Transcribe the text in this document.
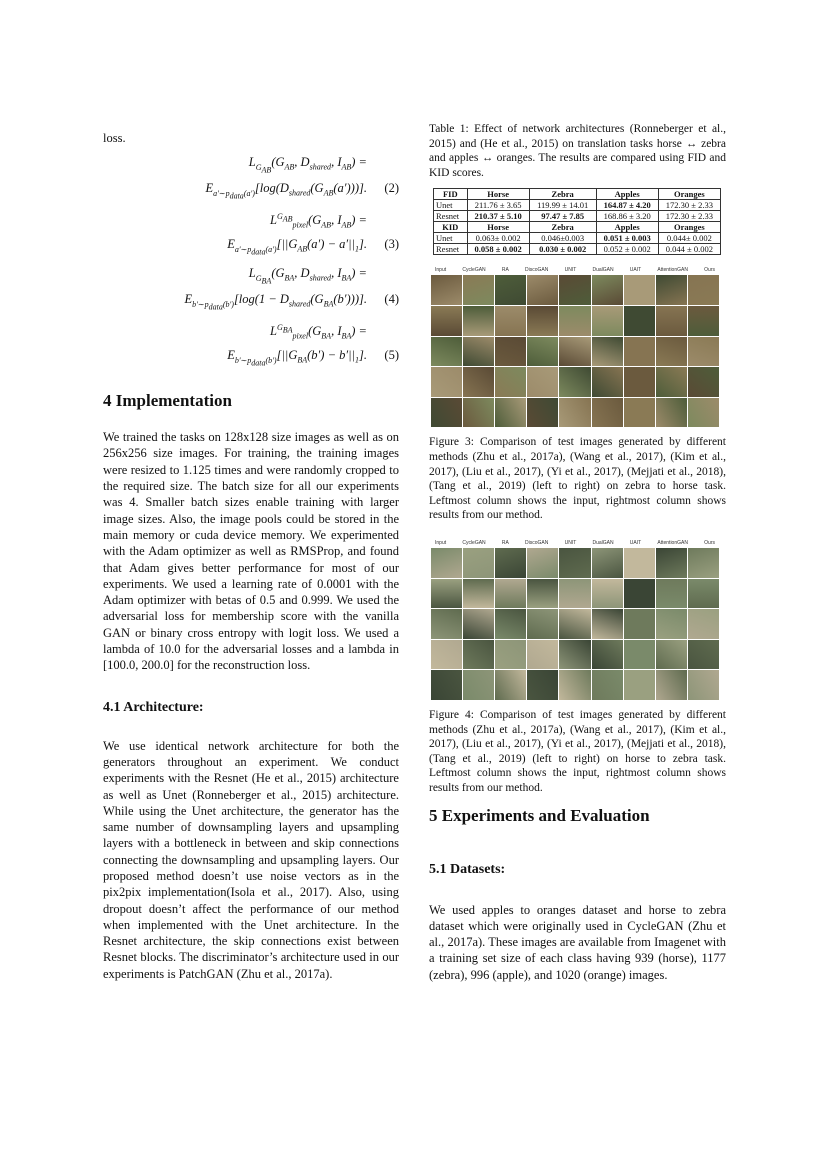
loss.

$L_{G_{AB}}(G_{AB}$, $D_{shared}$, $I_{AB}$) =
$E_{a'\sim p_{data}(a')}[\log(D_{shared}(G_{AB}(a')))]$. (2)
$L^{G_{AB}}_{pixel}(G_{AB}$, $I_{AB}$) =
$E_{a'\sim p_{data}(a')}[||G_{AB}(a') - a'||_1]$. (3)
$L_{G_{BA}}(G_{BA}$, $D_{shared}$, $I_{BA}$) =
$E_{b'\sim p_{data}(b')}[\log(1 - D_{shared}(G_{BA}(b')))]$. (4)
$L^{G_{BA}}_{pixel}(G_{BA}$, $I_{BA}$) =
$E_{b'\sim p_{data}(b')}[||G_{BA}(b') - b'||_1]$. (5)
4 Implementation

We trained the tasks on 128x128 size images as well as on 256x256 size images. For training, the training images were resized to 1.125 times and were randomly cropped to the required size. The batch size for all our experiments was 4. Smaller batch sizes enable training with larger image sizes. Also, the image pools could be stored in the main memory or cuda device memory. We experimented with the Adam optimizer as well as RMSProp, and found that Adam gives better performance for most of our experiments. We used a learning rate of 0.0001 with the Adam optimizer with betas of 0.5 and 0.999. We used the adversarial loss for membership score with the vanilla GAN or binary cross entropy with logit loss. We used a lambda of 10.0 for the adversarial losses and a lambda in [100.0, 200.0] for the reconstruction loss.

4.1 Architecture:

We use identical network architecture for both the generators throughout an experiment. We conduct experiments with the Resnet (He et al., 2015) architecture as well as Unet (Ronneberger et al., 2015) architecture. While using the Unet architecture, the generator has the same number of downsampling layers and upsampling layers with a bottleneck in between and skip connections connecting the downsampling and upsampling layers. Our proposed method doesn’t use noise vectors as in the pix2pix implementation(Isola et al., 2017). Also, using dropout doesn’t affect the performance of our method when implemented with the Unet architecture. In the Resnet architecture, the skip connections exist between Resnet blocks. The discriminator’s architecture used in our experiments is PatchGAN (Zhu et al., 2017a).

Table 1: Effect of network architectures (Ronneberger et al., 2015) and (He et al., 2015) on translation tasks horse ↔ zebra and apples ↔ oranges. The results are compared using FID and KID scores.

FID	Horse	Zebra	Apples	Oranges
Unet	211.76 ± 3.65	119.99 ± 14.01	164.87 ± 4.20	172.30 ± 2.33
Resnet	210.37 ± 5.10	97.47 ± 7.85	168.86 ± 3.20	172.30 ± 2.33
KID	Horse	Zebra	Apples	Oranges
Unet	0.063± 0.002	0.046±0.003	0.051 ± 0.003	0.044± 0.002
Resnet	0.058 ± 0.002	0.030 ± 0.002	0.052 ± 0.002	0.044 ± 0.002
Input	CycleGAN	RA	DiscoGAN	UNIT	DualGAN	UAIT	AttentionGAN	Ours

Figure 3: Comparison of test images generated by different methods (Zhu et al., 2017a), (Wang et al., 2017), (Kim et al., 2017), (Liu et al., 2017), (Yi et al., 2017), (Mejjati et al., 2018), (Tang et al., 2019) (left to right) on zebra to horse task. Leftmost column shows the input, rightmost column shows results from our method.

Input	CycleGAN	RA	DiscoGAN	UNIT	DualGAN	UAIT	AttentionGAN	Ours

Figure 4: Comparison of test images generated by different methods (Zhu et al., 2017a), (Wang et al., 2017), (Kim et al., 2017), (Liu et al., 2017), (Yi et al., 2017), (Mejjati et al., 2018), (Tang et al., 2019) (left to right) on horse to zebra task. Leftmost column shows the input, rightmost column shows results from our method.

5 Experiments and Evaluation
5.1 Datasets:

We used apples to oranges dataset and horse to zebra dataset which were originally used in CycleGAN (Zhu et al., 2017a). These images are available from Imagenet with a training set size of each class having 939 (horse), 1177 (zebra), 996 (apple), and 1020 (orange) images.
